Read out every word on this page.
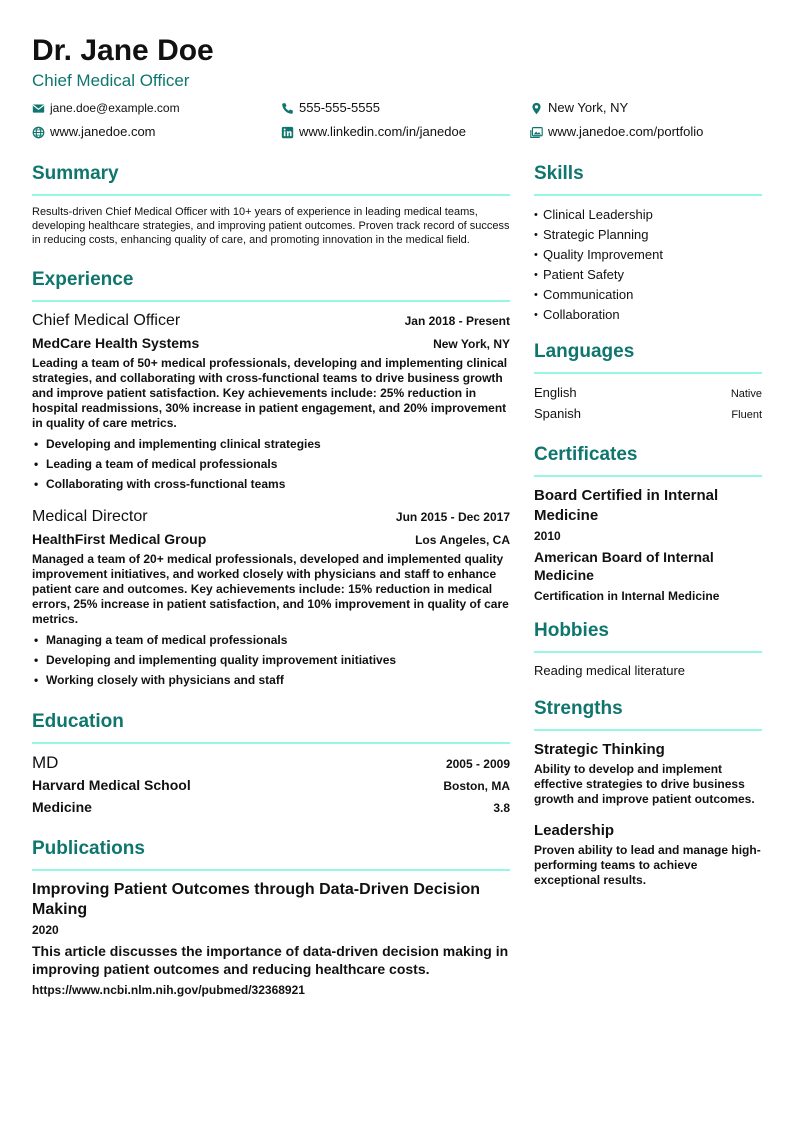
Dr. Jane Doe
Chief Medical Officer
jane.doe@example.com	555-555-5555	New York, NY
www.janedoe.com	www.linkedin.com/in/janedoe	www.janedoe.com/portfolio
Summary
Results-driven Chief Medical Officer with 10+ years of experience in leading medical teams, developing healthcare strategies, and improving patient outcomes. Proven track record of success in reducing costs, enhancing quality of care, and promoting innovation in the medical field.
Experience
Chief Medical Officer	Jan 2018 - Present
MedCare Health Systems	New York, NY
Leading a team of 50+ medical professionals, developing and implementing clinical strategies, and collaborating with cross-functional teams to drive business growth and improve patient satisfaction. Key achievements include: 25% reduction in hospital readmissions, 30% increase in patient engagement, and 20% improvement in quality of care metrics.
• Developing and implementing clinical strategies
• Leading a team of medical professionals
• Collaborating with cross-functional teams
Medical Director	Jun 2015 - Dec 2017
HealthFirst Medical Group	Los Angeles, CA
Managed a team of 20+ medical professionals, developed and implemented quality improvement initiatives, and worked closely with physicians and staff to enhance patient care and outcomes. Key achievements include: 15% reduction in medical errors, 25% increase in patient satisfaction, and 10% improvement in quality of care metrics.
• Managing a team of medical professionals
• Developing and implementing quality improvement initiatives
• Working closely with physicians and staff
Education
MD	2005 - 2009
Harvard Medical School	Boston, MA
Medicine	3.8
Publications
Improving Patient Outcomes through Data-Driven Decision Making
2020
This article discusses the importance of data-driven decision making in improving patient outcomes and reducing healthcare costs.
https://www.ncbi.nlm.nih.gov/pubmed/32368921
Skills
• Clinical Leadership
• Strategic Planning
• Quality Improvement
• Patient Safety
• Communication
• Collaboration
Languages
English	Native
Spanish	Fluent
Certificates
Board Certified in Internal Medicine
2010
American Board of Internal Medicine
Certification in Internal Medicine
Hobbies
Reading medical literature
Strengths
Strategic Thinking
Ability to develop and implement effective strategies to drive business growth and improve patient outcomes.
Leadership
Proven ability to lead and manage high-performing teams to achieve exceptional results.
